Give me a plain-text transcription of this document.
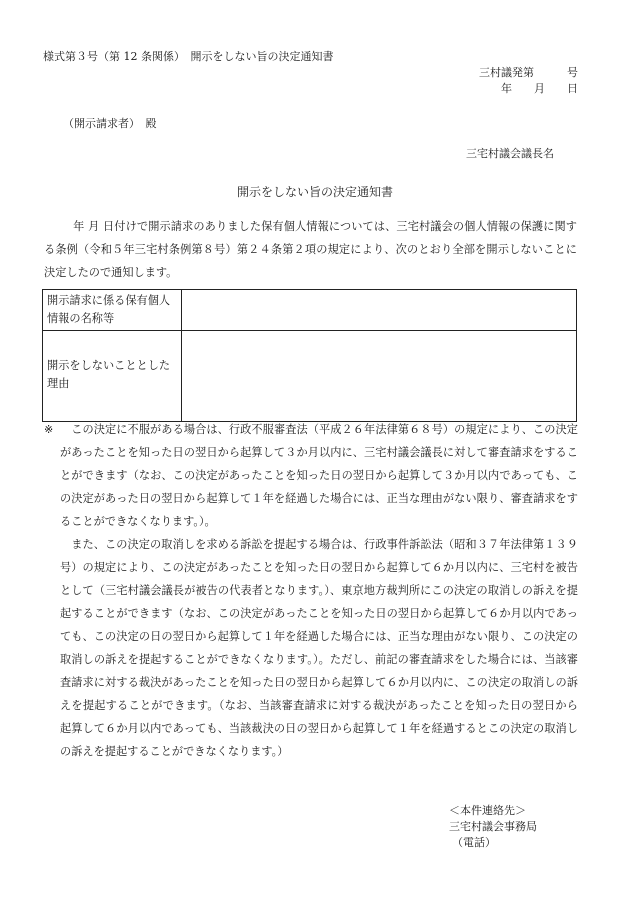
様式第３号（第 12 条関係）　開示をしない旨の決定通知書
三村議発第　　　号
年　　月　　日
（開示請求者）　殿
三宅村議会議長名
開示をしない旨の決定通知書
年 月 日付けで開示請求のありました保有個人情報については、三宅村議会の個人情報の保護に関する条例（令和５年三宅村条例第８号）第２４条第２項の規定により、次のとおり全部を開示しないことに決定したので通知します。
開示請求に係る保有個人情報の名称等	
開示をしないこととした理由	
※	この決定に不服がある場合は、行政不服審査法（平成２６年法律第６８号）の規定により、この決定があったことを知った日の翌日から起算して３か月以内に、三宅村議会議長に対して審査請求をすることができます（なお、この決定があったことを知った日の翌日から起算して３か月以内であっても、この決定があった日の翌日から起算して１年を経過した場合には、正当な理由がない限り、審査請求をすることができなくなります。）。
また、この決定の取消しを求める訴訟を提起する場合は、行政事件訴訟法（昭和３７年法律第１３９号）の規定により、この決定があったことを知った日の翌日から起算して６か月以内に、三宅村を被告として（三宅村議会議長が被告の代表者となります。）、東京地方裁判所にこの決定の取消しの訴えを提起することができます（なお、この決定があったことを知った日の翌日から起算して６か月以内であっても、この決定の日の翌日から起算して１年を経過した場合には、正当な理由がない限り、この決定の取消しの訴えを提起することができなくなります。）。ただし、前記の審査請求をした場合には、当該審査請求に対する裁決があったことを知った日の翌日から起算して６か月以内に、この決定の取消しの訴えを提起することができます。（なお、当該審査請求に対する裁決があったことを知った日の翌日から起算して６か月以内であっても、当該裁決の日の翌日から起算して１年を経過するとこの決定の取消しの訴えを提起することができなくなります。）
＜本件連絡先＞
三宅村議会事務局
（電話）
